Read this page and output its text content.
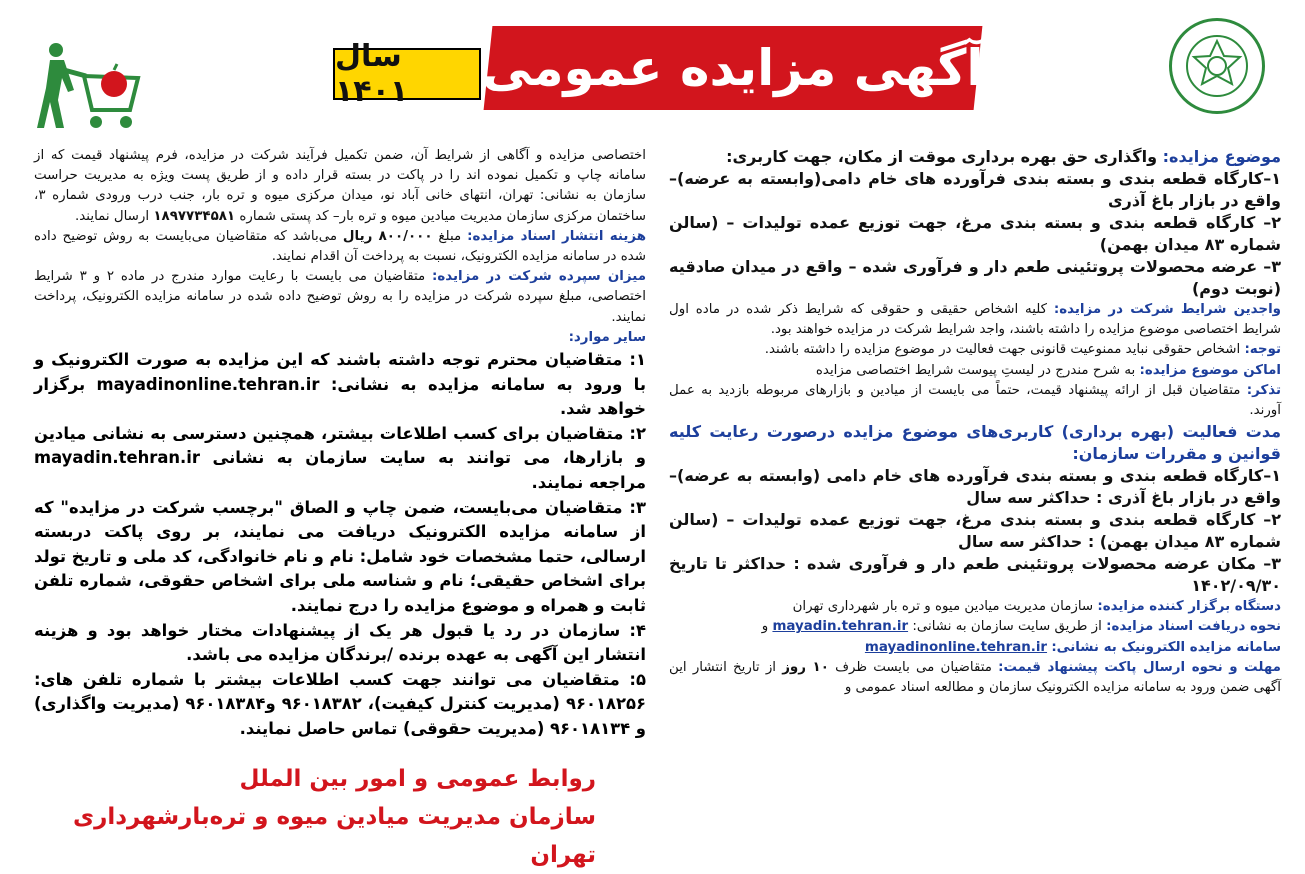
آگهی مزایده عمومی
سال ۱۴۰۱

موضوع مزایده: واگذاری حق بهره برداری موقت از مکان، جهت کاربری:

۱–کارگاه قطعه بندی و بسته بندی فرآورده های خام دامی(وابسته به عرضه)– واقع در بازار باغ آذری

۲– کارگاه قطعه بندی و بسته بندی مرغ، جهت توزیع عمده تولیدات – (سالن شماره ۸۳ میدان بهمن)

۳– عرضه محصولات پروتئینی طعم دار و فرآوری شده – واقع در میدان صادقیه (نوبت دوم)

واجدین شرایط شرکت در مزایده: کلیه اشخاص حقیقی و حقوقی که شرایط ذکر شده در ماده اول شرایط اختصاصی موضوع مزایده را داشته باشند، واجد شرایط شرکت در مزایده خواهند بود.

توجه: اشخاص حقوقی نباید ممنوعیت قانونی جهت فعالیت در موضوع مزایده را داشته باشند.

اماکن موضوع مزایده: به شرح مندرج در لیستِ پیوست شرایط اختصاصی مزایده

تذکر: متقاضیان قبل از ارائه پیشنهاد قیمت، حتماً می بایست از میادین و بازارهای مربوطه بازدید به عمل آورند.

مدت فعالیت (بهره برداری) کاربری‌های موضوع مزایده درصورت رعایت کلیه قوانین و مقررات سازمان:

۱–کارگاه قطعه بندی و بسته بندی فرآورده های خام دامی (وابسته به عرضه)– واقع در بازار باغ آذری : حداکثر سه سال

۲– کارگاه قطعه بندی و بسته بندی مرغ، جهت توزیع عمده تولیدات – (سالن شماره ۸۳ میدان بهمن) : حداکثر سه سال

۳– مکان عرضه محصولات پروتئینی طعم دار و فرآوری شده : حداکثر تا تاریخ ۱۴۰۲/۰۹/۳۰

دستگاه برگزار کننده مزایده: سازمان مدیریت میادین میوه و تره بار شهرداری تهران

نحوه دریافت اسناد مزایده: از طریق سایت سازمان به نشانی: mayadin.tehran.ir و

سامانه مزایده الکترونیک به نشانی: mayadinonline.tehran.ir

مهلت و نحوه ارسال پاکت پیشنهاد قیمت: متقاضیان می بایست ظرف ۱۰ روز از تاریخ انتشار این آگهی ضمن ورود به سامانه مزایده الکترونیک سازمان و مطالعه اسناد عمومی و

اختصاصی مزایده و آگاهی از شرایط آن، ضمن تکمیل فرآیند شرکت در مزایده، فرم پیشنهاد قیمت که از سامانه چاپ و تکمیل نموده اند را در پاکت در بسته قرار داده و از طریق پست ویژه به مدیریت حراست سازمان به نشانی: تهران، انتهای خانی آباد نو، میدان مرکزی میوه و تره بار، جنب درب ورودی شماره ۳، ساختمان مرکزی سازمان مدیریت میادین میوه و تره بار– کد پستی شماره ۱۸۹۷۷۳۴۵۸۱ ارسال نمایند.

هزینه انتشار اسناد مزایده: مبلغ ۸۰۰/۰۰۰ ریال می‌باشد که متقاضیان می‌بایست به روش توضیح داده شده در سامانه مزایده الکترونیک، نسبت به پرداخت آن اقدام نمایند.

میزان سپرده شرکت در مزایده: متقاضیان می بایست با رعایت موارد مندرج در ماده ۲ و ۳ شرایط اختصاصی، مبلغ سپرده شرکت در مزایده را به روش توضیح داده شده در سامانه مزایده الکترونیک، پرداخت نمایند.

سایر موارد:

۱: متقاضیان محترم توجه داشته باشند که این مزایده به صورت الکترونیک و با ورود به سامانه مزایده به نشانی: mayadinonline.tehran.ir برگزار خواهد شد.

۲: متقاضیان برای کسب اطلاعات بیشتر، همچنین دسترسی به نشانی میادین و بازارها، می توانند به سایت سازمان به نشانی mayadin.tehran.ir مراجعه نمایند.

۳: متقاضیان می‌بایست، ضمن چاپ و الصاق "برچسب شرکت در مزایده" که از سامانه مزایده الکترونیک دریافت می نمایند، بر روی پاکت دربسته ارسالی، حتما مشخصات خود شامل: نام و نام خانوادگی، کد ملی و تاریخ تولد برای اشخاص حقیقی؛ نام و شناسه ملی برای اشخاص حقوقی، شماره تلفن ثابت و همراه و موضوع مزایده را درج نمایند.

۴: سازمان در رد یا قبول هر یک از پیشنهادات مختار خواهد بود و هزینه انتشار این آگهی به عهده برنده /برندگان مزایده می باشد.

۵: متقاضیان می توانند جهت کسب اطلاعات بیشتر با شماره تلفن های: ۹۶۰۱۸۲۵۶ (مدیریت کنترل کیفیت)، ۹۶۰۱۸۳۸۲ و۹۶۰۱۸۳۸۴ (مدیریت واگذاری) و ۹۶۰۱۸۱۳۴ (مدیریت حقوقی) تماس حاصل نمایند.

روابط عمومی و امور بین الملل
سازمان مدیریت میادین میوه و تره‌بارشهرداری تهران
